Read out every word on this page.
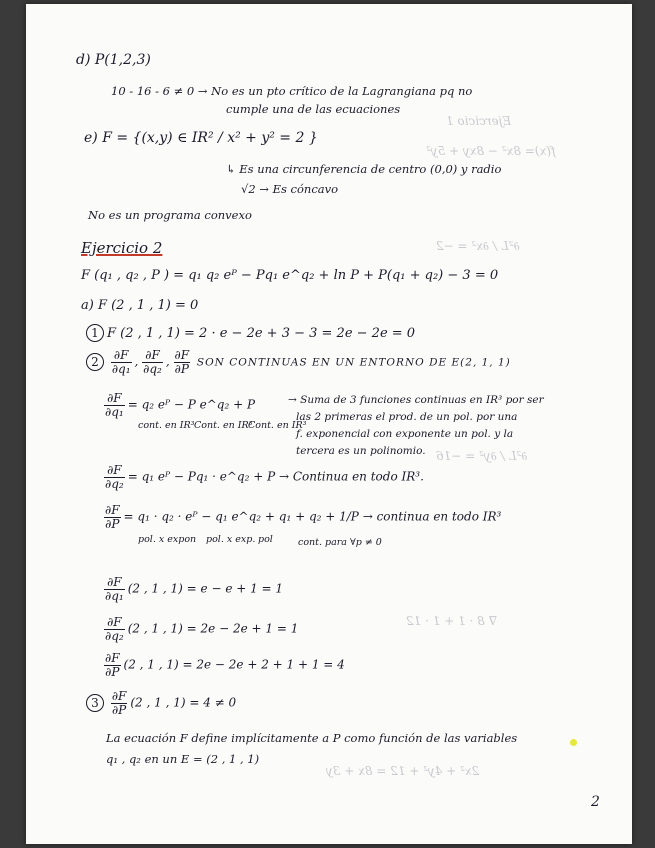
Ejercicio 1
f(x)= 8x² − 8xy + 5y²
∂²L / ∂x² = −2
∂²L / ∂y² = −16
∇ 8 · 1 + 1 · 12
2x² + 4y² + 12 = 8x + 3y
d) P(1,2,3)
10 - 16 - 6 ≠ 0 → No es un pto crítico de la Lagrangiana pq no
cumple una de las ecuaciones
e) F = {(x,y) ∈ IR² / x² + y² = 2 }
↳ Es una circunferencia de centro (0,0) y radio
√2 → Es cóncavo
No es un programa convexo
Ejercicio 2
F (q₁ , q₂ , P ) = q₁ q₂ eᴾ − Pq₁ e^q₂ + ln P + P(q₁ + q₂) − 3 = 0
a) F (2 , 1 , 1) = 0
1 F (2 , 1 , 1) = 2 · e − 2e + 3 − 3 = 2e − 2e = 0
$2 \frac{\partial F}{\text{∂q₁}}$ , $\frac{\partial F}{\text{∂q₂}}$ , $\frac{\partial F}{\partial P}$ SON CONTINUAS EN UN ENTORNO DE E(2, 1, 1)
$\frac{\partial F}{\text{∂q₁}} = q_2$ eᴾ − P e^q₂ + P
cont. en IR³ Cont. en IR³
Cont. en IR³
→ Suma de 3 funciones continuas en IR³ por ser
las 2 primeras el prod. de un pol. por una
f. exponencial con exponente un pol. y la
tercera es un polinomio.
$\frac{\partial F}{\text{∂q₂}} = q_1$ eᴾ − Pq₁ · e^q₂ + P → Continua en todo IR³.
$\frac{\partial F}{\partial P} = q_1 \cdot q_2$ · eᴾ − q₁ e^q₂ + q₁ + q₂ + 1/P → continua en todo IR³
pol. x expon pol. x exp. pol	cont. para ∀p ≠ 0
$\frac{\partial F}{\text{∂q₁}} (2$ , 1 , 1) = e − e + 1 = 1
$\frac{\partial F}{\text{∂q₂}} (2$ , 1 , 1) = 2e − 2e + 1 = 1
$\frac{\partial F}{\partial P} (2$ , 1 , 1) = 2e − 2e + 2 + 1 + 1 = 4
$3 \frac{\partial F}{\partial P} (2$ , 1 , 1) = 4 ≠ 0
La ecuación F define implícitamente a P como función de las variables
q₁ , q₂ en un E = (2 , 1 , 1)
2
